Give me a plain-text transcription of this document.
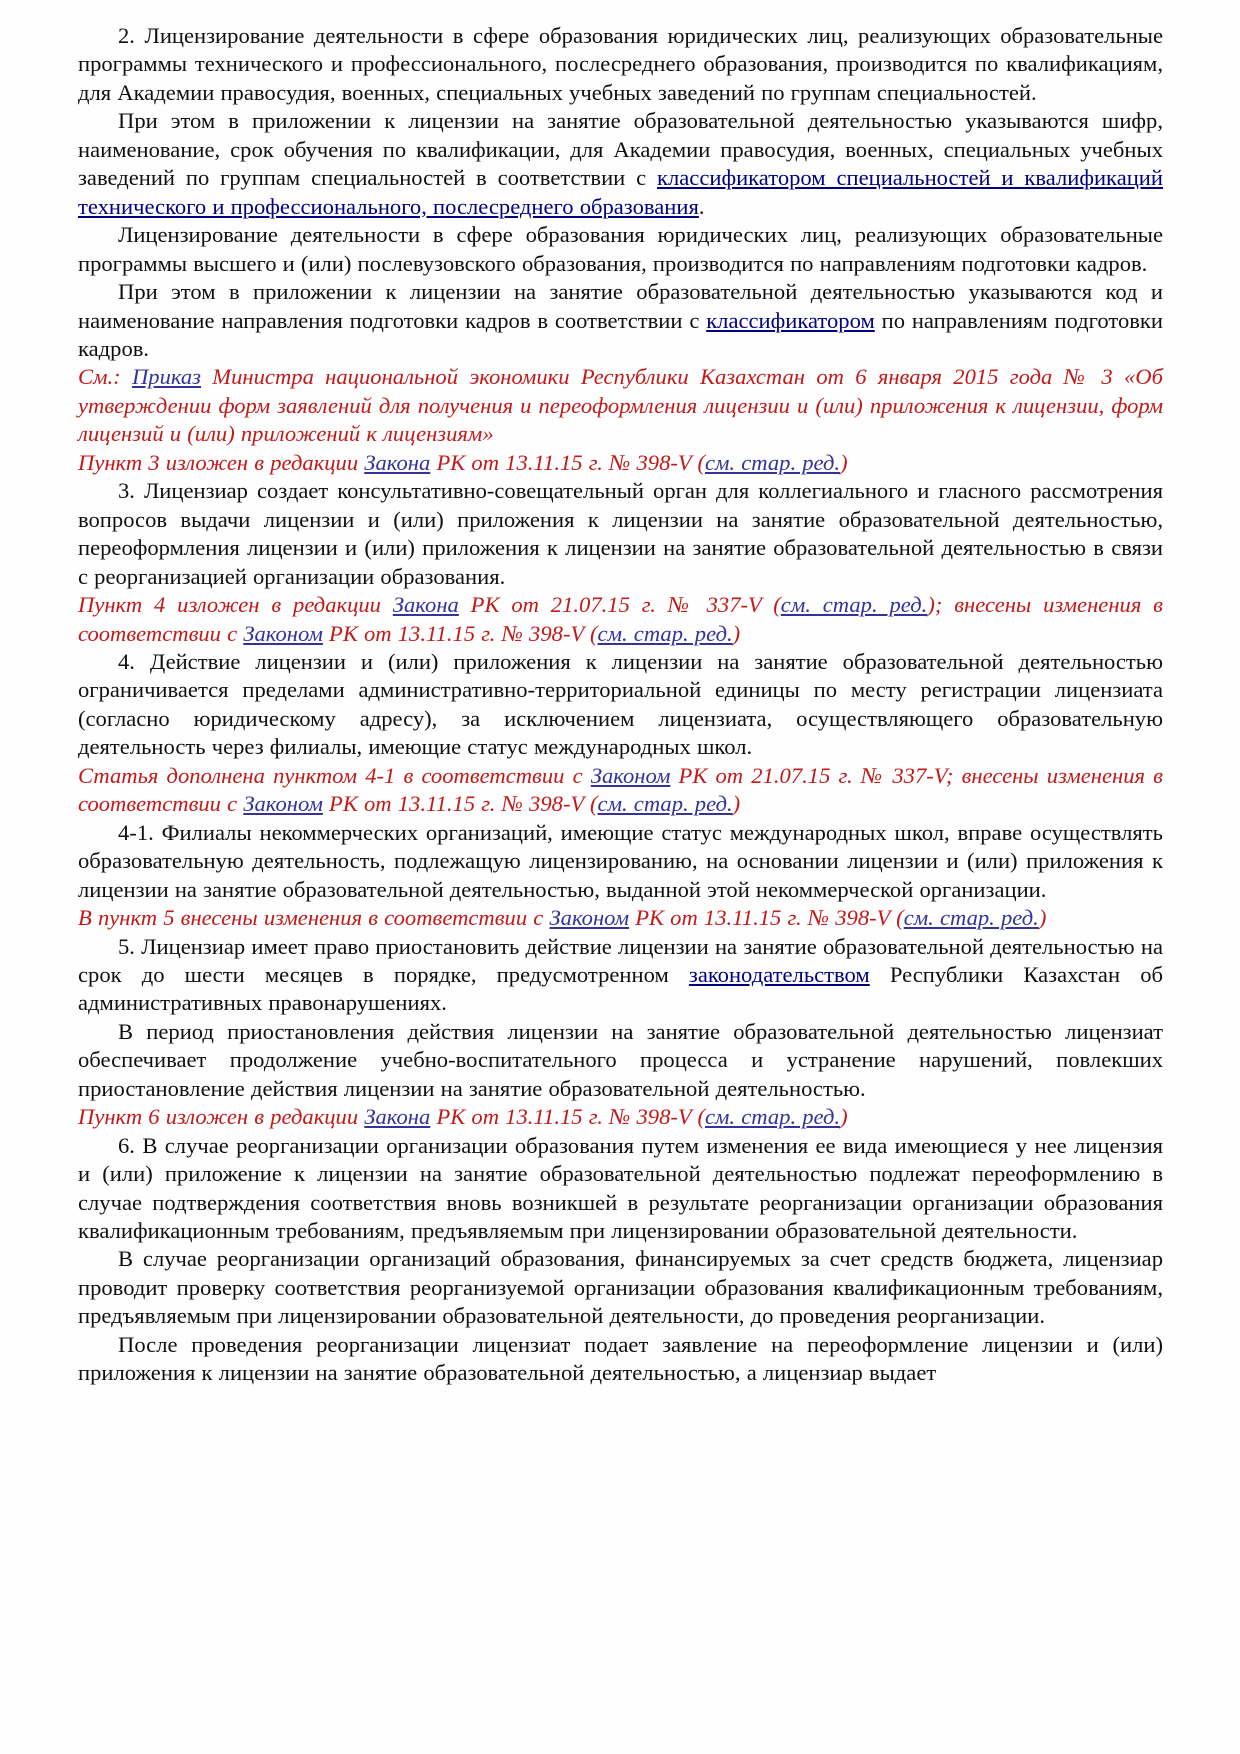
2. Лицензирование деятельности в сфере образования юридических лиц, реализующих образовательные программы технического и профессионального, послесреднего образования, производится по квалификациям, для Академии правосудия, военных, специальных учебных заведений по группам специальностей.

При этом в приложении к лицензии на занятие образовательной деятельностью указываются шифр, наименование, срок обучения по квалификации, для Академии правосудия, военных, специальных учебных заведений по группам специальностей в соответствии с классификатором специальностей и квалификаций технического и профессионального, послесреднего образования.

Лицензирование деятельности в сфере образования юридических лиц, реализующих образовательные программы высшего и (или) послевузовского образования, производится по направлениям подготовки кадров.

При этом в приложении к лицензии на занятие образовательной деятельностью указываются код и наименование направления подготовки кадров в соответствии с классификатором по направлениям подготовки кадров.

См.: Приказ Министра национальной экономики Республики Казахстан от 6 января 2015 года № 3 «Об утверждении форм заявлений для получения и переоформления лицензии и (или) приложения к лицензии, форм лицензий и (или) приложений к лицензиям»

Пункт 3 изложен в редакции Закона РК от 13.11.15 г. № 398-V (см. стар. ред.)

3. Лицензиар создает консультативно-совещательный орган для коллегиального и гласного рассмотрения вопросов выдачи лицензии и (или) приложения к лицензии на занятие образовательной деятельностью, переоформления лицензии и (или) приложения к лицензии на занятие образовательной деятельностью в связи с реорганизацией организации образования.

Пункт 4 изложен в редакции Закона РК от 21.07.15 г. № 337-V (см. стар. ред.); внесены изменения в соответствии с Законом РК от 13.11.15 г. № 398-V (см. стар. ред.)

4. Действие лицензии и (или) приложения к лицензии на занятие образовательной деятельностью ограничивается пределами административно-территориальной единицы по месту регистрации лицензиата (согласно юридическому адресу), за исключением лицензиата, осуществляющего образовательную деятельность через филиалы, имеющие статус международных школ.

Статья дополнена пунктом 4-1 в соответствии с Законом РК от 21.07.15 г. № 337-V; внесены изменения в соответствии с Законом РК от 13.11.15 г. № 398-V (см. стар. ред.)

4-1. Филиалы некоммерческих организаций, имеющие статус международных школ, вправе осуществлять образовательную деятельность, подлежащую лицензированию, на основании лицензии и (или) приложения к лицензии на занятие образовательной деятельностью, выданной этой некоммерческой организации.

В пункт 5 внесены изменения в соответствии с Законом РК от 13.11.15 г. № 398-V (см. стар. ред.)

5. Лицензиар имеет право приостановить действие лицензии на занятие образовательной деятельностью на срок до шести месяцев в порядке, предусмотренном законодательством Республики Казахстан об административных правонарушениях.

В период приостановления действия лицензии на занятие образовательной деятельностью лицензиат обеспечивает продолжение учебно-воспитательного процесса и устранение нарушений, повлекших приостановление действия лицензии на занятие образовательной деятельностью.

Пункт 6 изложен в редакции Закона РК от 13.11.15 г. № 398-V (см. стар. ред.)

6. В случае реорганизации организации образования путем изменения ее вида имеющиеся у нее лицензия и (или) приложение к лицензии на занятие образовательной деятельностью подлежат переоформлению в случае подтверждения соответствия вновь возникшей в результате реорганизации организации образования квалификационным требованиям, предъявляемым при лицензировании образовательной деятельности.

В случае реорганизации организаций образования, финансируемых за счет средств бюджета, лицензиар проводит проверку соответствия реорганизуемой организации образования квалификационным требованиям, предъявляемым при лицензировании образовательной деятельности, до проведения реорганизации.

После проведения реорганизации лицензиат подает заявление на переоформление лицензии и (или) приложения к лицензии на занятие образовательной деятельностью, а лицензиар выдает
